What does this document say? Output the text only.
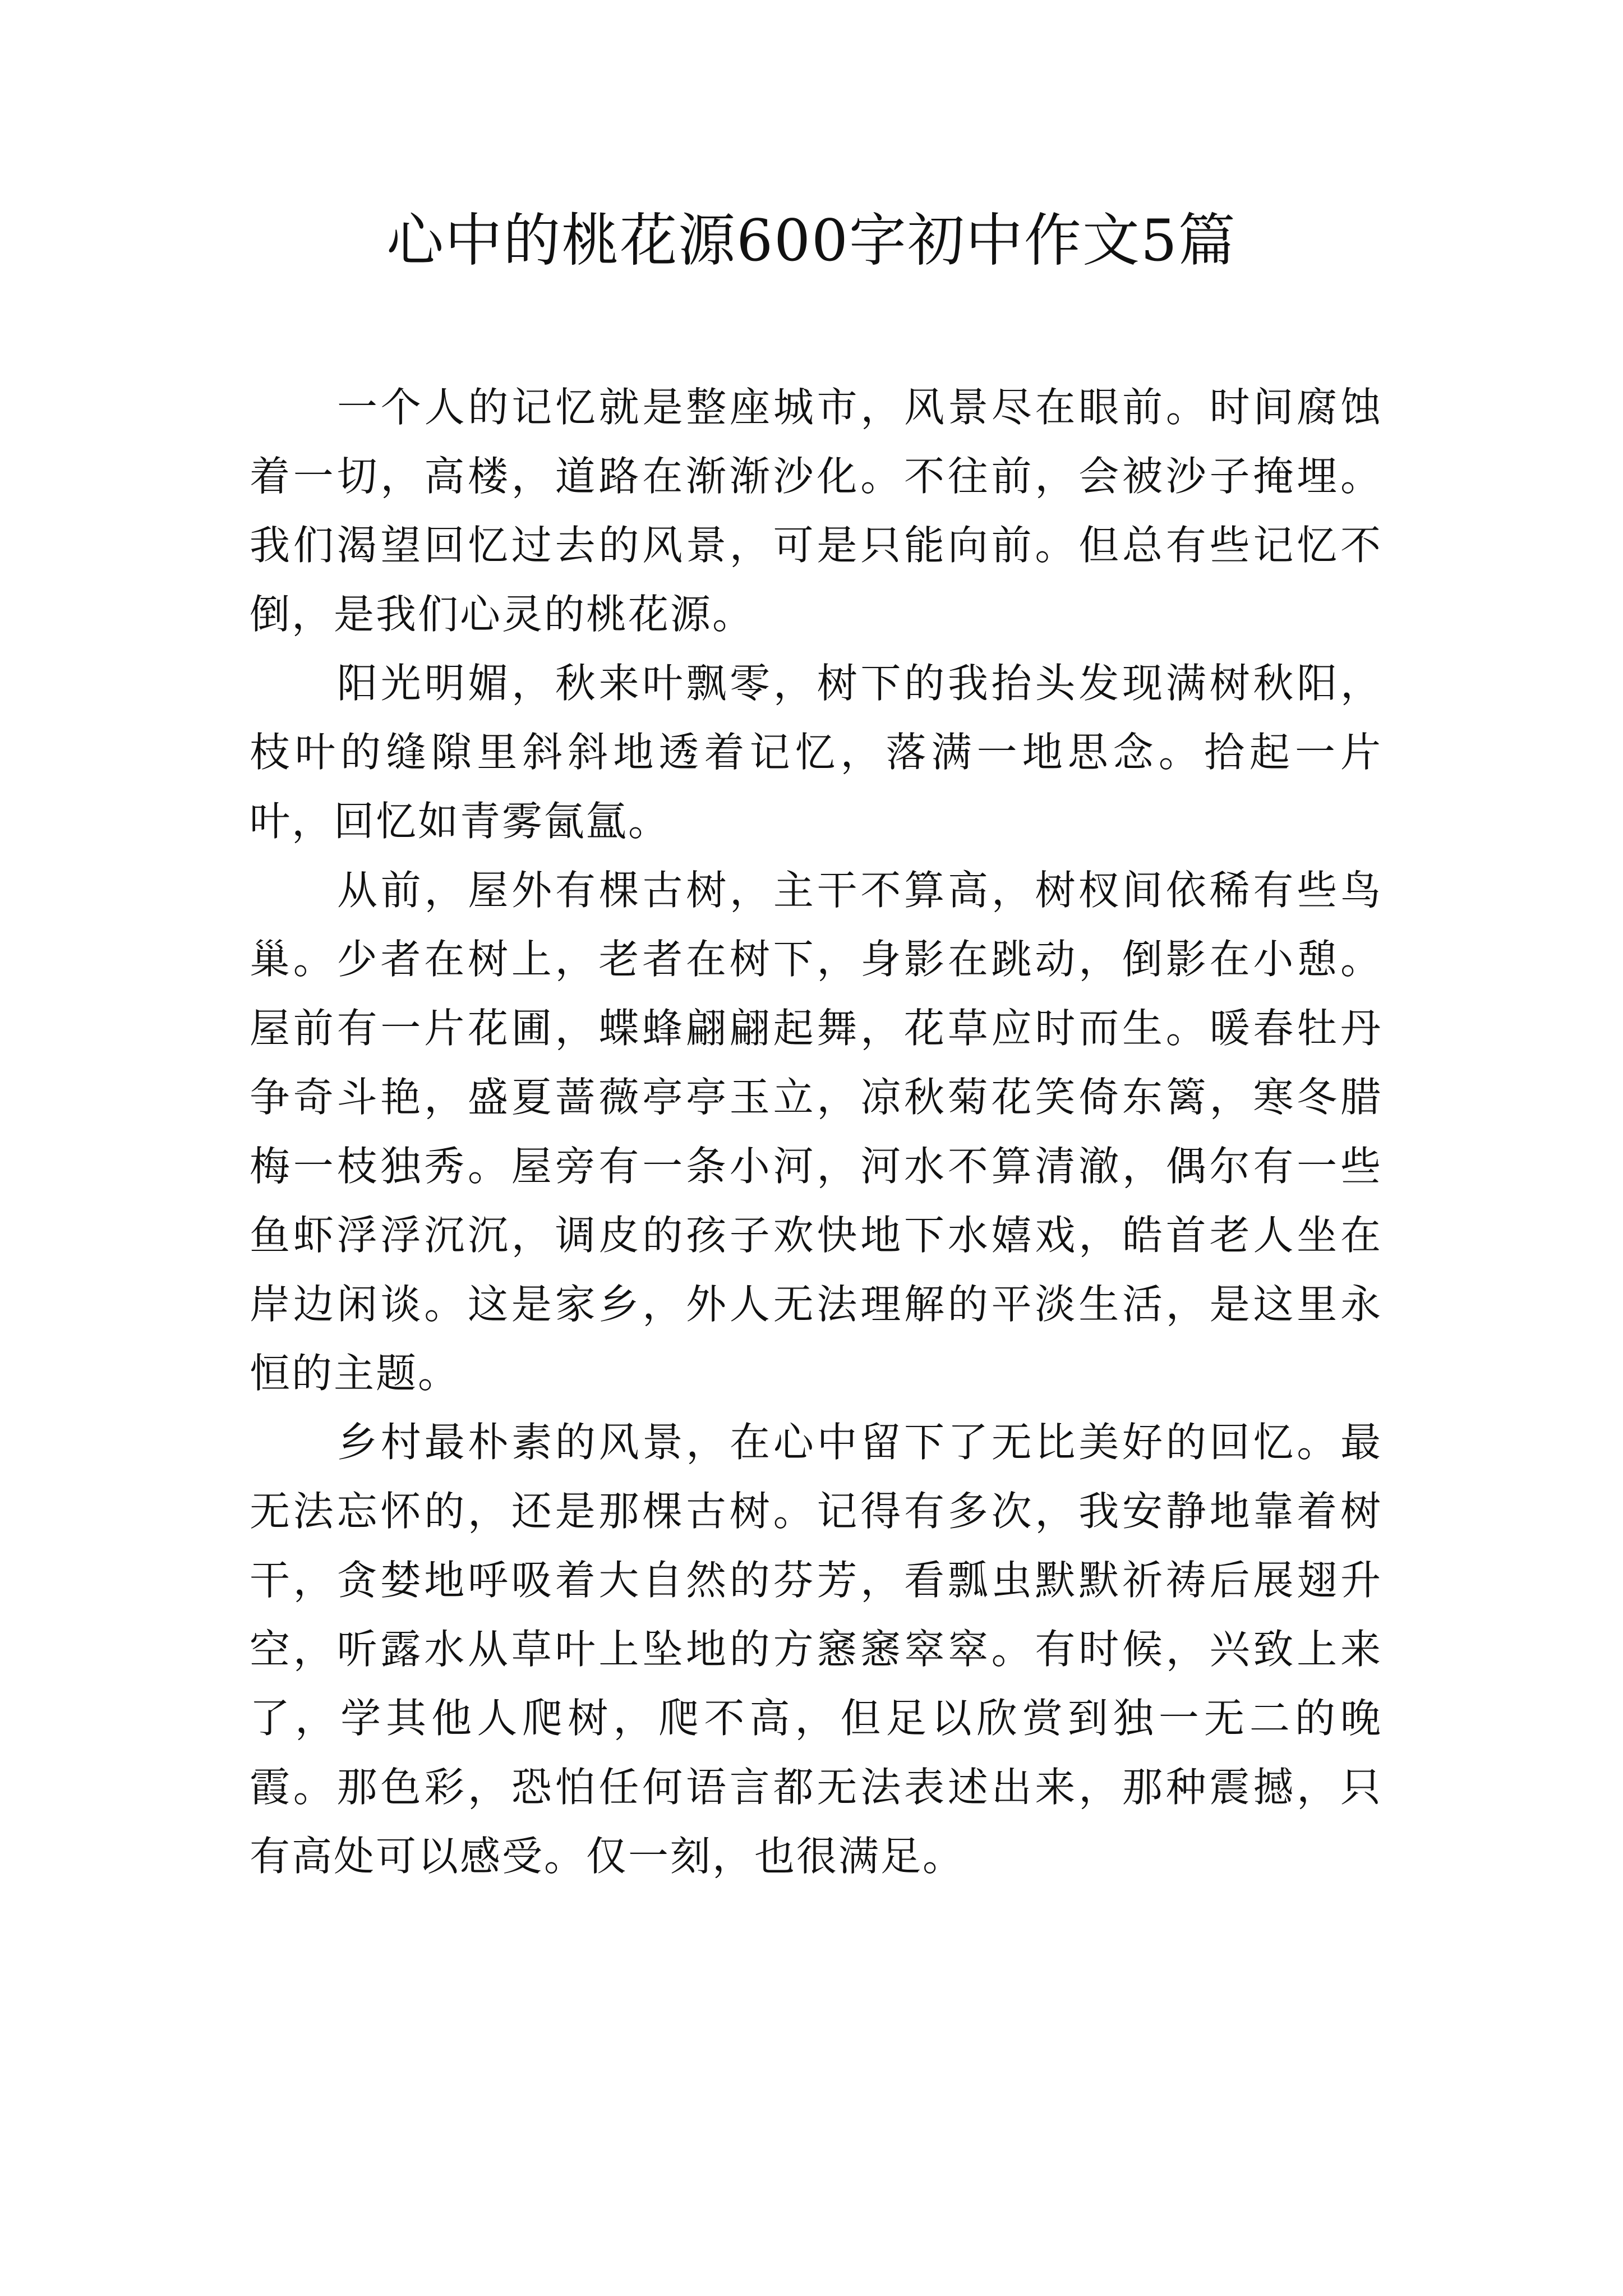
心中的桃花源600字初中作文5篇

一个人的记忆就是整座城市，风景尽在眼前。时间腐蚀着一切，高楼，道路在渐渐沙化。不往前，会被沙子掩埋。我们渴望回忆过去的风景，可是只能向前。但总有些记忆不倒，是我们心灵的桃花源。

阳光明媚，秋来叶飘零，树下的我抬头发现满树秋阳，枝叶的缝隙里斜斜地透着记忆，落满一地思念。拾起一片叶，回忆如青雾氤氲。

从前，屋外有棵古树，主干不算高，树杈间依稀有些鸟巢。少者在树上，老者在树下，身影在跳动，倒影在小憩。屋前有一片花圃，蝶蜂翩翩起舞，花草应时而生。暖春牡丹争奇斗艳，盛夏蔷薇亭亭玉立，凉秋菊花笑倚东篱，寒冬腊梅一枝独秀。屋旁有一条小河，河水不算清澈，偶尔有一些鱼虾浮浮沉沉，调皮的孩子欢快地下水嬉戏，皓首老人坐在岸边闲谈。这是家乡，外人无法理解的平淡生活，是这里永恒的主题。

乡村最朴素的风景，在心中留下了无比美好的回忆。最无法忘怀的，还是那棵古树。记得有多次，我安静地靠着树干，贪婪地呼吸着大自然的芬芳，看瓢虫默默祈祷后展翅升空，听露水从草叶上坠地的方窸窸窣窣。有时候，兴致上来了，学其他人爬树，爬不高，但足以欣赏到独一无二的晚霞。那色彩，恐怕任何语言都无法表述出来，那种震撼，只有高处可以感受。仅一刻，也很满足。
